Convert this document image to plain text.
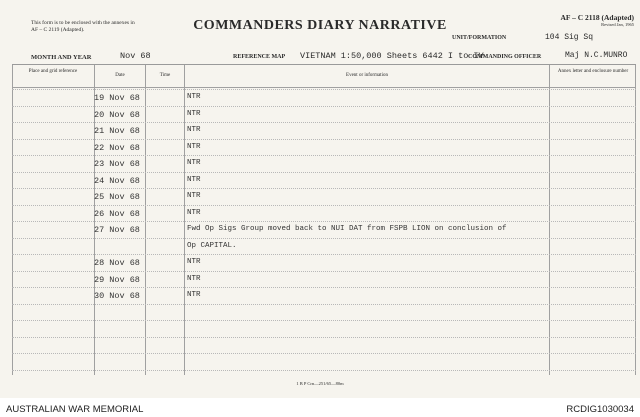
This form is to be enclosed with the annexes in AF – C 2119 (Adapted).	COMMANDERS DIARY NARRATIVE
AF – C 2118 (Adapted)
Revised Jan, 1965
UNIT/FORMATION	104 Sig Sq
MONTH AND YEAR	Nov 68	REFERENCE MAP VIETNAM 1:50,000 Sheets 6442 I to IV
COMMANDING OFFICER	Maj N.C.MUNRO
Place and grid reference
Date	Time	Event or information
Annex letter and enclosure number
19 Nov 68	NTR
20 Nov 68	NTR
21 Nov 68	NTR
22 Nov 68	NTR
23 Nov 68	NTR
24 Nov 68	NTR
25 Nov 68	NTR
26 Nov 68	NTR
27 Nov 68	Fwd Op Sigs Group moved back to NUI DAT from FSPB LION on conclusion of
Op CAPITAL.
28 Nov 68	NTR
29 Nov 68	NTR
30 Nov 68	NTR
1 B P Crn—251/65—80m
AUSTRALIAN WAR MEMORIAL	RCDIG1030034
